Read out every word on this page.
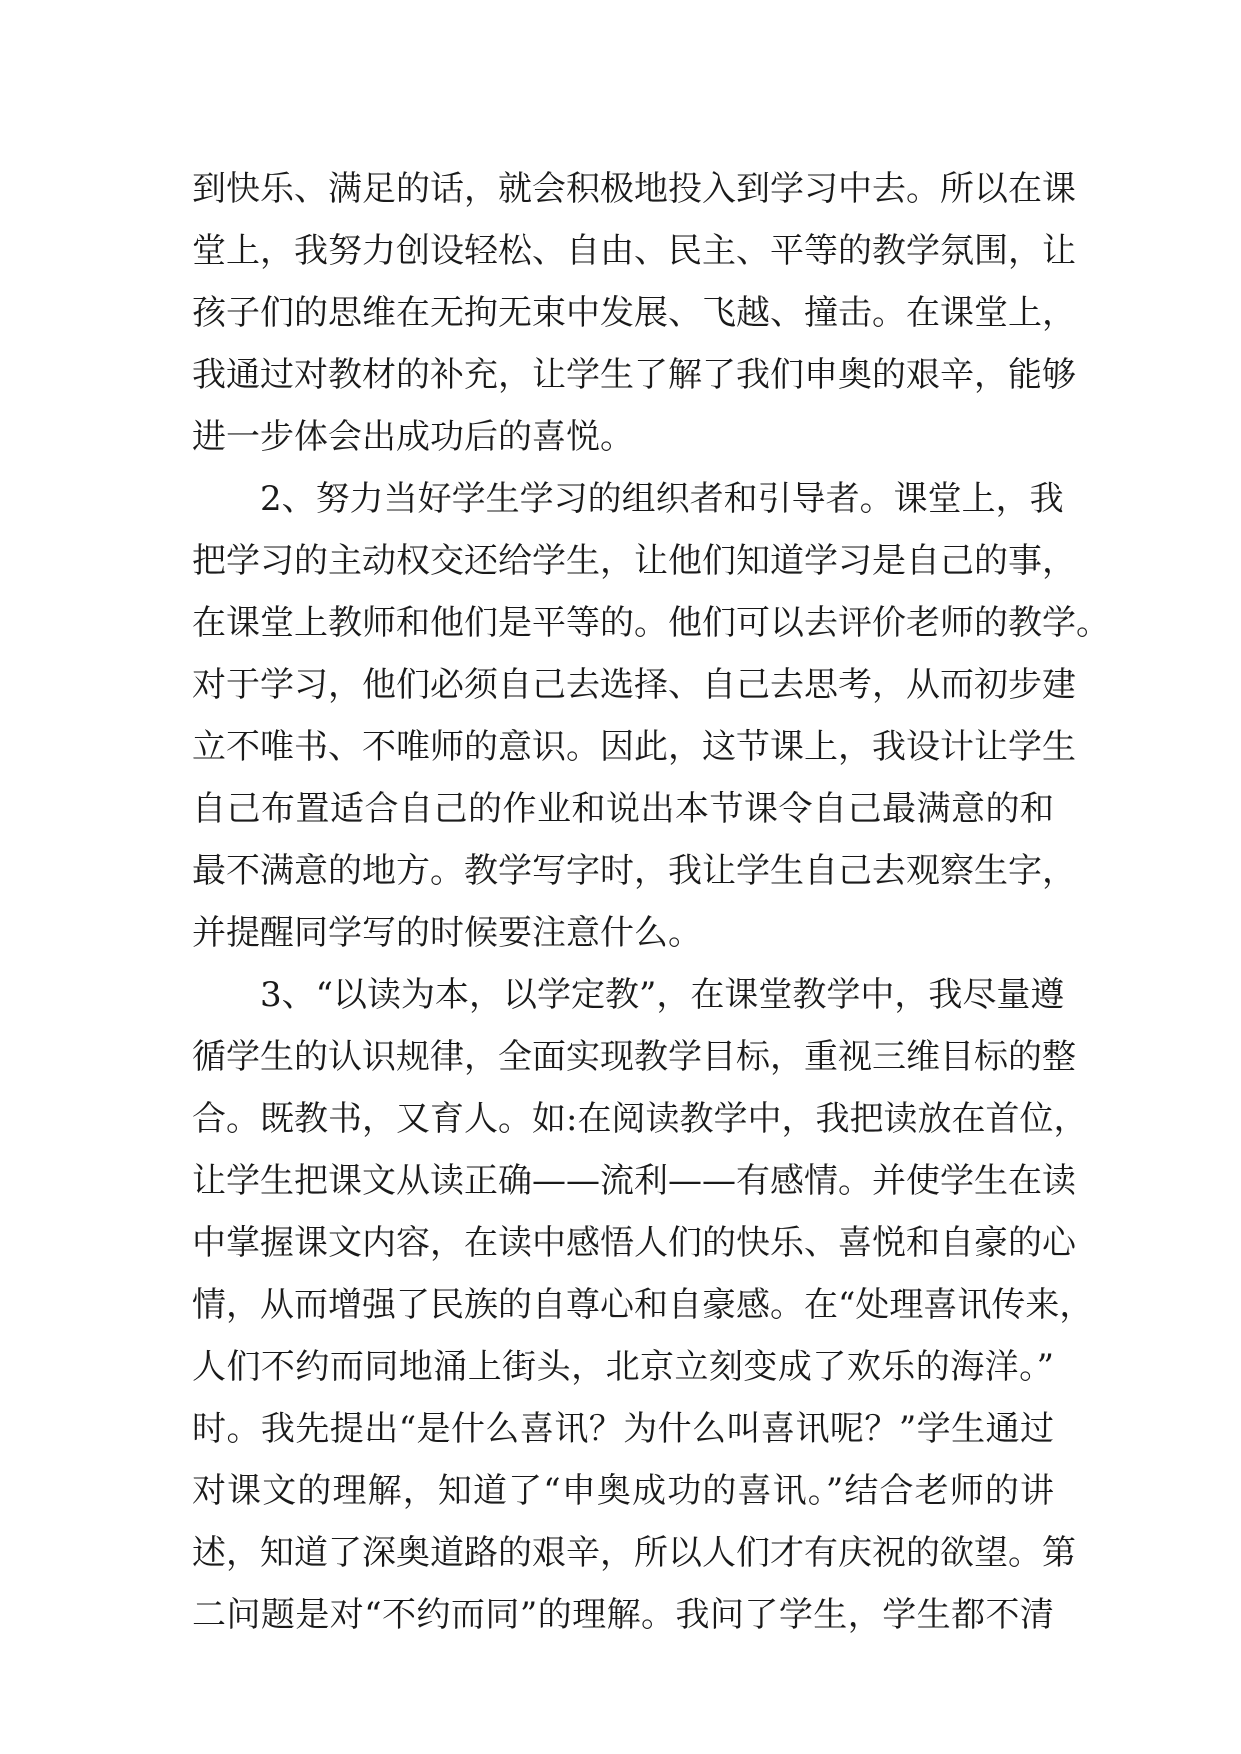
到快乐、满足的话，就会积极地投入到学习中去。所以在课
堂上，我努力创设轻松、自由、民主、平等的教学氛围，让
孩子们的思维在无拘无束中发展、飞越、撞击。在课堂上，
我通过对教材的补充，让学生了解了我们申奥的艰辛，能够
进一步体会出成功后的喜悦。
2、努力当好学生学习的组织者和引导者。课堂上，我
把学习的主动权交还给学生，让他们知道学习是自己的事，
在课堂上教师和他们是平等的。他们可以去评价老师的教学。
对于学习，他们必须自己去选择、自己去思考，从而初步建
立不唯书、不唯师的意识。因此，这节课上，我设计让学生
自己布置适合自己的作业和说出本节课令自己最满意的和
最不满意的地方。教学写字时，我让学生自己去观察生字，
并提醒同学写的时候要注意什么。
3、“以读为本，以学定教”，在课堂教学中，我尽量遵
循学生的认识规律，全面实现教学目标，重视三维目标的整
合。既教书，又育人。如:在阅读教学中，我把读放在首位，
让学生把课文从读正确——流利——有感情。并使学生在读
中掌握课文内容，在读中感悟人们的快乐、喜悦和自豪的心
情，从而增强了民族的自尊心和自豪感。在“处理喜讯传来，
人们不约而同地涌上街头，北京立刻变成了欢乐的海洋。”
时。我先提出“是什么喜讯？为什么叫喜讯呢？”学生通过
对课文的理解，知道了“申奥成功的喜讯。”结合老师的讲
述，知道了深奥道路的艰辛，所以人们才有庆祝的欲望。第
二问题是对“不约而同”的理解。我问了学生，学生都不清
